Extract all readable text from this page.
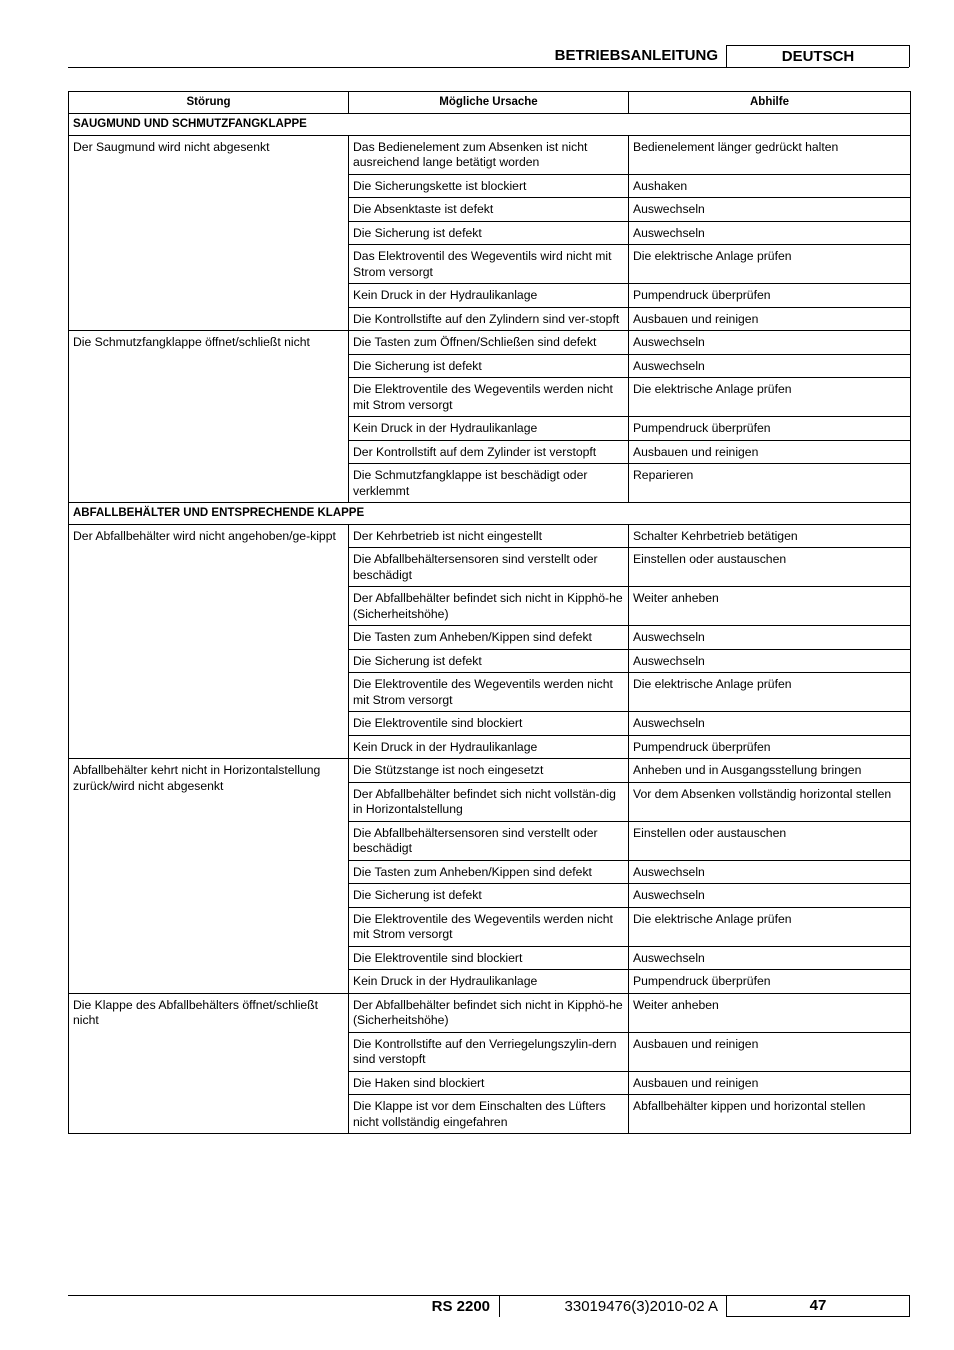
BETRIEBSANLEITUNG	DEUTSCH
Störung	Mögliche Ursache	Abhilfe
SAUGMUND UND SCHMUTZFANGKLAPPE		
Der Saugmund wird nicht abgesenkt	Das Bedienelement zum Absenken ist nicht ausreichend lange betätigt worden	Bedienelement länger gedrückt halten
	Die Sicherungskette ist blockiert	Aushaken
	Die Absenktaste ist defekt	Auswechseln
	Die Sicherung ist defekt	Auswechseln
	Das Elektroventil des Wegeventils wird nicht mit Strom versorgt	Die elektrische Anlage prüfen
	Kein Druck in der Hydraulikanlage	Pumpendruck überprüfen
	Die Kontrollstifte auf den Zylindern sind ver-stopft	Ausbauen und reinigen
Die Schmutzfangklappe öffnet/schließt nicht	Die Tasten zum Öffnen/Schließen sind defekt	Auswechseln
	Die Sicherung ist defekt	Auswechseln
	Die Elektroventile des Wegeventils werden nicht mit Strom versorgt	Die elektrische Anlage prüfen
	Kein Druck in der Hydraulikanlage	Pumpendruck überprüfen
	Der Kontrollstift auf dem Zylinder ist verstopft	Ausbauen und reinigen
	Die Schmutzfangklappe ist beschädigt oder verklemmt	Reparieren
ABFALLBEHÄLTER UND ENTSPRECHENDE KLAPPE		
Der Abfallbehälter wird nicht angehoben/ge-kippt	Der Kehrbetrieb ist nicht eingestellt	Schalter Kehrbetrieb betätigen
	Die Abfallbehältersensoren sind verstellt oder beschädigt	Einstellen oder austauschen
	Der Abfallbehälter befindet sich nicht in Kipphö-he (Sicherheitshöhe)	Weiter anheben
	Die Tasten zum Anheben/Kippen sind defekt	Auswechseln
	Die Sicherung ist defekt	Auswechseln
	Die Elektroventile des Wegeventils werden nicht mit Strom versorgt	Die elektrische Anlage prüfen
	Die Elektroventile sind blockiert	Auswechseln
	Kein Druck in der Hydraulikanlage	Pumpendruck überprüfen
Abfallbehälter kehrt nicht in Horizontalstellung zurück/wird nicht abgesenkt	Die Stützstange ist noch eingesetzt	Anheben und in Ausgangsstellung bringen
	Der Abfallbehälter befindet sich nicht vollstän-dig in Horizontalstellung	Vor dem Absenken vollständig horizontal stellen
	Die Abfallbehältersensoren sind verstellt oder beschädigt	Einstellen oder austauschen
	Die Tasten zum Anheben/Kippen sind defekt	Auswechseln
	Die Sicherung ist defekt	Auswechseln
	Die Elektroventile des Wegeventils werden nicht mit Strom versorgt	Die elektrische Anlage prüfen
	Die Elektroventile sind blockiert	Auswechseln
	Kein Druck in der Hydraulikanlage	Pumpendruck überprüfen
Die Klappe des Abfallbehälters öffnet/schließt nicht	Der Abfallbehälter befindet sich nicht in Kipphö-he (Sicherheitshöhe)	Weiter anheben
	Die Kontrollstifte auf den Verriegelungszylin-dern sind verstopft	Ausbauen und reinigen
	Die Haken sind blockiert	Ausbauen und reinigen
	Die Klappe ist vor dem Einschalten des Lüfters nicht vollständig eingefahren	Abfallbehälter kippen und horizontal stellen
RS 2200	33019476(3)2010-02 A	47
